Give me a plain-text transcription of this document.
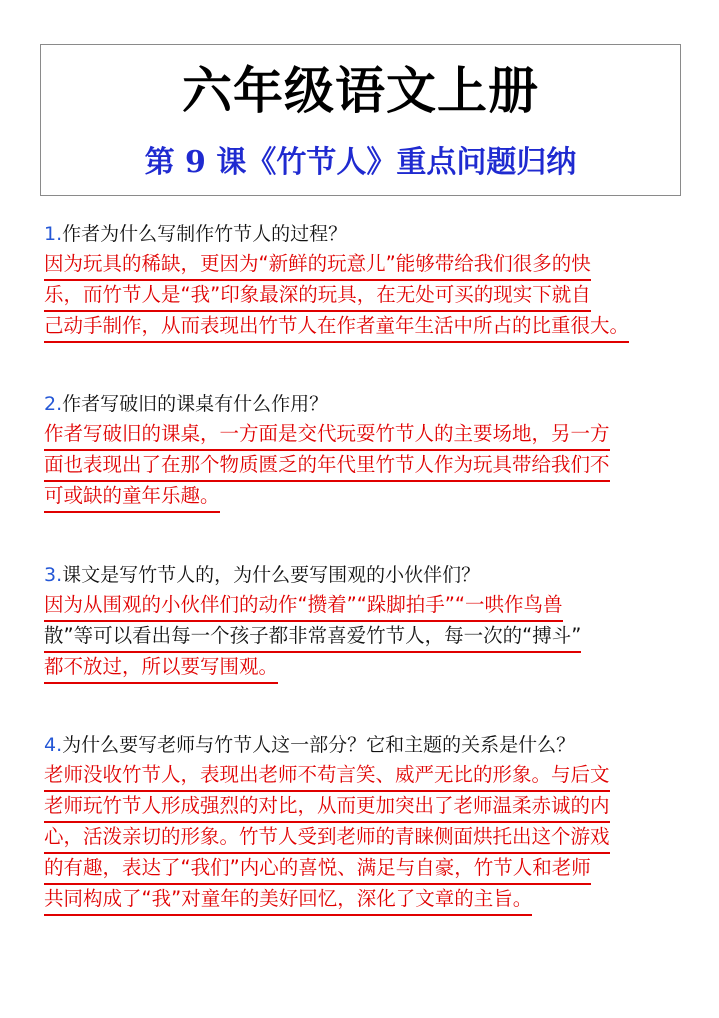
六年级语文上册
第 9 课《竹节人》重点问题归纳
1.作者为什么写制作竹节人的过程？
因为玩具的稀缺，更因为“新鲜的玩意儿”能够带给我们很多的快
乐，而竹节人是“我”印象最深的玩具，在无处可买的现实下就自
己动手制作，从而表现出竹节人在作者童年生活中所占的比重很大。
2.作者写破旧的课桌有什么作用？
作者写破旧的课桌，一方面是交代玩耍竹节人的主要场地，另一方
面也表现出了在那个物质匮乏的年代里竹节人作为玩具带给我们不
可或缺的童年乐趣。
3.课文是写竹节人的，为什么要写围观的小伙伴们？
因为从围观的小伙伴们的动作“攒着”“跺脚拍手”“一哄作鸟兽
散”等可以看出每一个孩子都非常喜爱竹节人，每一次的“搏斗”
都不放过，所以要写围观。
4.为什么要写老师与竹节人这一部分？它和主题的关系是什么？
老师没收竹节人，表现出老师不苟言笑、威严无比的形象。与后文
老师玩竹节人形成强烈的对比，从而更加突出了老师温柔赤诚的内
心，活泼亲切的形象。竹节人受到老师的青睐侧面烘托出这个游戏
的有趣，表达了“我们”内心的喜悦、满足与自豪，竹节人和老师
共同构成了“我”对童年的美好回忆，深化了文章的主旨。
